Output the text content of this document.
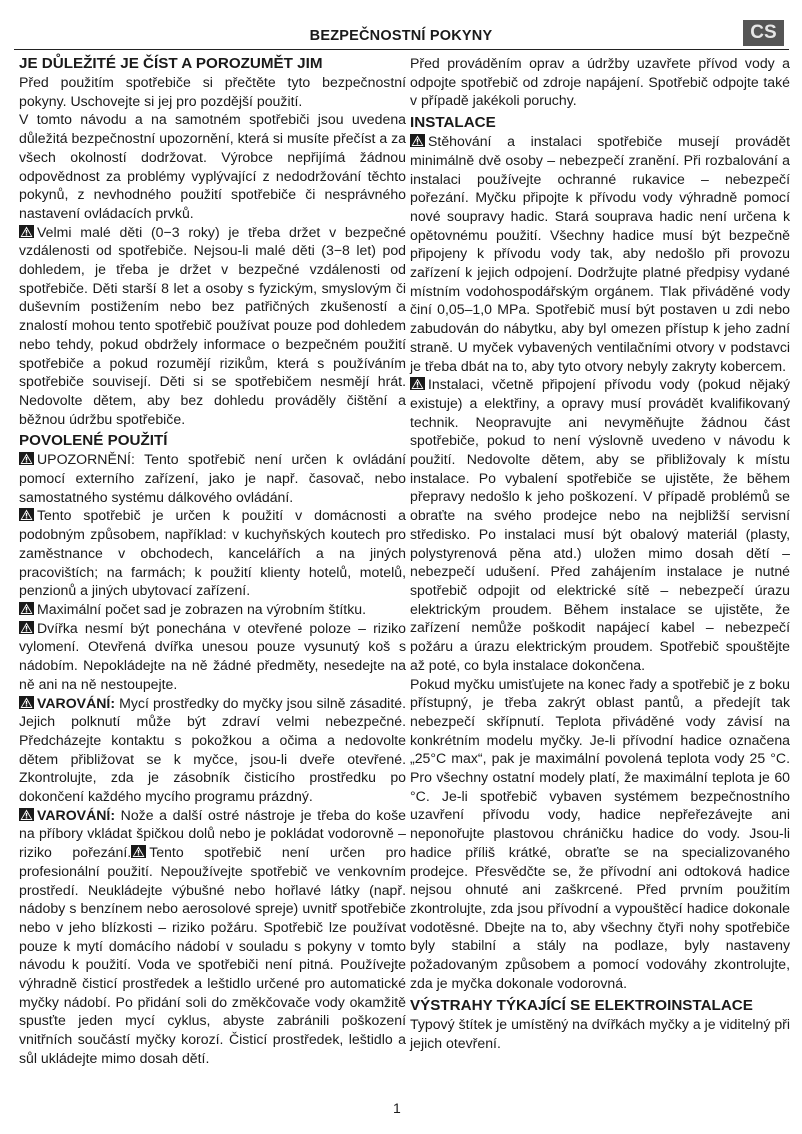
BEZPEČNOSTNÍ POKYNY	CS

JE DŮLEŽITÉ JE ČÍST A POROZUMĚT JIM

Před použitím spotřebiče si přečtěte tyto bezpečnostní pokyny. Uschovejte si jej pro pozdější použití.

V tomto návodu a na samotném spotřebiči jsou uvedena důležitá bezpečnostní upozornění, která si musíte přečíst a za všech okolností dodržovat. Výrobce nepřijímá žádnou odpovědnost za problémy vyplývající z nedodržování těchto pokynů, z nevhodného použití spotřebiče či nesprávného nastavení ovládacích prvků.

Velmi malé děti (0−3 roky) je třeba držet v bezpečné vzdálenosti od spotřebiče. Nejsou-li malé děti (3−8 let) pod dohledem, je třeba je držet v bezpečné vzdálenosti od spotřebiče. Děti starší 8 let a osoby s fyzickým, smyslovým či duševním postižením nebo bez patřičných zkušeností a znalostí mohou tento spotřebič používat pouze pod dohledem nebo tehdy, pokud obdržely informace o bezpečném použití spotřebiče a pokud rozumějí rizikům, která s používáním spotřebiče souvisejí. Děti si se spotřebičem nesmějí hrát. Nedovolte dětem, aby bez dohledu prováděly čištění a běžnou údržbu spotřebiče.

POVOLENÉ POUŽITÍ

UPOZORNĚNÍ: Tento spotřebič není určen k ovládání pomocí externího zařízení, jako je např. časovač, nebo samostatného systému dálkového ovládání.

Tento spotřebič je určen k použití v domácnosti a podobným způsobem, například: v kuchyňských koutech pro zaměstnance v obchodech, kancelářích a na jiných pracovištích; na farmách; k použití klienty hotelů, motelů, penzionů a jiných ubytovací zařízení.

Maximální počet sad je zobrazen na výrobním štítku.

Dvířka nesmí být ponechána v otevřené poloze – riziko vylomení. Otevřená dvířka unesou pouze vysunutý koš s nádobím. Nepokládejte na ně žádné předměty, nesedejte na ně ani na ně nestoupejte.

VAROVÁNÍ: Mycí prostředky do myčky jsou silně zásadité. Jejich polknutí může být zdraví velmi nebezpečné. Předcházejte kontaktu s pokožkou a očima a nedovolte dětem přibližovat se k myčce, jsou-li dveře otevřené. Zkontrolujte, zda je zásobník čisticího prostředku po dokončení každého mycího programu prázdný.

VAROVÁNÍ: Nože a další ostré nástroje je třeba do koše na příbory vkládat špičkou dolů nebo je pokládat vodorovně – riziko pořezání. Tento spotřebič není určen pro profesionální použití. Nepoužívejte spotřebič ve venkovním prostředí. Neukládejte výbušné nebo hořlavé látky (např. nádoby s benzínem nebo aerosolové spreje) uvnitř spotřebiče nebo v jeho blízkosti – riziko požáru. Spotřebič lze používat pouze k mytí domácího nádobí v souladu s pokyny v tomto návodu k použití. Voda ve spotřebiči není pitná. Používejte výhradně čisticí prostředek a leštidlo určené pro automatické myčky nádobí. Po přidání soli do změkčovače vody okamžitě spusťte jeden mycí cyklus, abyste zabránili poškození vnitřních součástí myčky korozí. Čisticí prostředek, leštidlo a sůl ukládejte mimo dosah dětí.

Před prováděním oprav a údržby uzavřete přívod vody a odpojte spotřebič od zdroje napájení. Spotřebič odpojte také v případě jakékoli poruchy.

INSTALACE

Stěhování a instalaci spotřebiče musejí provádět minimálně dvě osoby – nebezpečí zranění. Při rozbalování a instalaci používejte ochranné rukavice – nebezpečí pořezání. Myčku připojte k přívodu vody výhradně pomocí nové soupravy hadic. Stará souprava hadic není určena k opětovnému použití. Všechny hadice musí být bezpečně připojeny k přívodu vody tak, aby nedošlo při provozu zařízení k jejich odpojení. Dodržujte platné předpisy vydané místním vodohospodářským orgánem. Tlak přiváděné vody činí 0,05–1,0 MPa. Spotřebič musí být postaven u zdi nebo zabudován do nábytku, aby byl omezen přístup k jeho zadní straně. U myček vybavených ventilačními otvory v podstavci je třeba dbát na to, aby tyto otvory nebyly zakryty kobercem.

Instalaci, včetně připojení přívodu vody (pokud nějaký existuje) a elektřiny, a opravy musí provádět kvalifikovaný technik. Neopravujte ani nevyměňujte žádnou část spotřebiče, pokud to není výslovně uvedeno v návodu k použití. Nedovolte dětem, aby se přibližovaly k místu instalace. Po vybalení spotřebiče se ujistěte, že během přepravy nedošlo k jeho poškození. V případě problémů se obraťte na svého prodejce nebo na nejbližší servisní středisko. Po instalaci musí být obalový materiál (plasty, polystyrenová pěna atd.) uložen mimo dosah dětí – nebezpečí udušení. Před zahájením instalace je nutné spotřebič odpojit od elektrické sítě – nebezpečí úrazu elektrickým proudem. Během instalace se ujistěte, že zařízení nemůže poškodit napájecí kabel – nebezpečí požáru a úrazu elektrickým proudem. Spotřebič spouštějte až poté, co byla instalace dokončena.

Pokud myčku umisťujete na konec řady a spotřebič je z boku přístupný, je třeba zakrýt oblast pantů, a předejít tak nebezpečí skřípnutí. Teplota přiváděné vody závisí na konkrétním modelu myčky. Je-li přívodní hadice označena „25°C max“, pak je maximální povolená teplota vody 25 °C. Pro všechny ostatní modely platí, že maximální teplota je 60 °C. Je-li spotřebič vybaven systémem bezpečnostního uzavření přívodu vody, hadice nepřeřezávejte ani neponořujte plastovou chráničku hadice do vody. Jsou-li hadice příliš krátké, obraťte se na specializovaného prodejce. Přesvědčte se, že přívodní ani odtoková hadice nejsou ohnuté ani zaškrcené. Před prvním použitím zkontrolujte, zda jsou přívodní a vypouštěcí hadice dokonale vodotěsné. Dbejte na to, aby všechny čtyři nohy spotřebiče byly stabilní a stály na podlaze, byly nastaveny požadovaným způsobem a pomocí vodováhy zkontrolujte, zda je myčka dokonale vodorovná.

VÝSTRAHY TÝKAJÍCÍ SE ELEKTROINSTALACE

Typový štítek je umístěný na dvířkách myčky a je viditelný při jejich otevření.

1
